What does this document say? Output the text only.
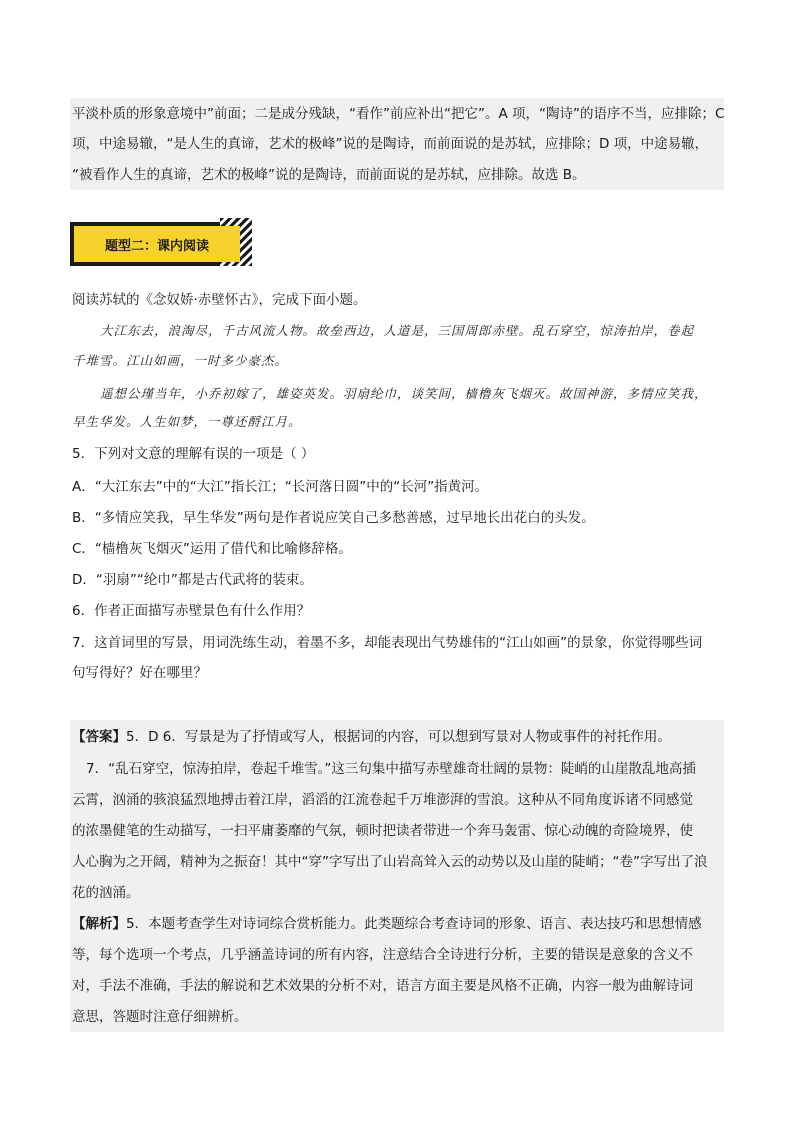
平淡朴质的形象意境中”前面；二是成分残缺，“看作”前应补出“把它”。A 项，“陶诗”的语序不当，应排除；C
项，中途易辙，“是人生的真谛，艺术的极峰”说的是陶诗，而前面说的是苏轼，应排除；D 项，中途易辙，
“被看作人生的真谛，艺术的极峰”说的是陶诗，而前面说的是苏轼，应排除。故选 B。
题型二：课内阅读
阅读苏轼的《念奴娇·赤壁怀古》，完成下面小题。
大江东去，浪淘尽，千古风流人物。故垒西边，人道是，三国周郎赤壁。乱石穿空，惊涛拍岸，卷起
千堆雪。江山如画，一时多少豪杰。
遥想公瑾当年，小乔初嫁了，雄姿英发。羽扇纶巾，谈笑间，樯橹灰飞烟灭。故国神游，多情应笑我，
早生华发。人生如梦，一尊还酹江月。
5．下列对文意的理解有误的一项是（ ）
A．“大江东去”中的“大江”指长江；“长河落日圆”中的“长河”指黄河。
B．“多情应笑我，早生华发”两句是作者说应笑自己多愁善感，过早地长出花白的头发。
C．“樯橹灰飞烟灭”运用了借代和比喻修辞格。
D．“羽扇”“纶巾”都是古代武将的装束。
6．作者正面描写赤壁景色有什么作用？
7．这首词里的写景，用词洗练生动，着墨不多，却能表现出气势雄伟的“江山如画”的景象，你觉得哪些词
句写得好？好在哪里？
【答案】5．D 6．写景是为了抒情或写人，根据词的内容，可以想到写景对人物或事件的衬托作用。
7．“乱石穿空，惊涛拍岸，卷起千堆雪。”这三句集中描写赤壁雄奇壮阔的景物：陡峭的山崖散乱地高插
云霄，汹涌的骇浪猛烈地搏击着江岸，滔滔的江流卷起千万堆澎湃的雪浪。这种从不同角度诉诸不同感觉
的浓墨健笔的生动描写，一扫平庸萎靡的气氛，顿时把读者带进一个奔马轰雷、惊心动魄的奇险境界，使
人心胸为之开阔，精神为之振奋！其中“穿”字写出了山岩高耸入云的动势以及山崖的陡峭；“卷”字写出了浪
花的汹涌。
【解析】5．本题考查学生对诗词综合赏析能力。此类题综合考查诗词的形象、语言、表达技巧和思想情感
等，每个选项一个考点，几乎涵盖诗词的所有内容，注意结合全诗进行分析，主要的错误是意象的含义不
对，手法不准确，手法的解说和艺术效果的分析不对，语言方面主要是风格不正确，内容一般为曲解诗词
意思，答题时注意仔细辨析。
